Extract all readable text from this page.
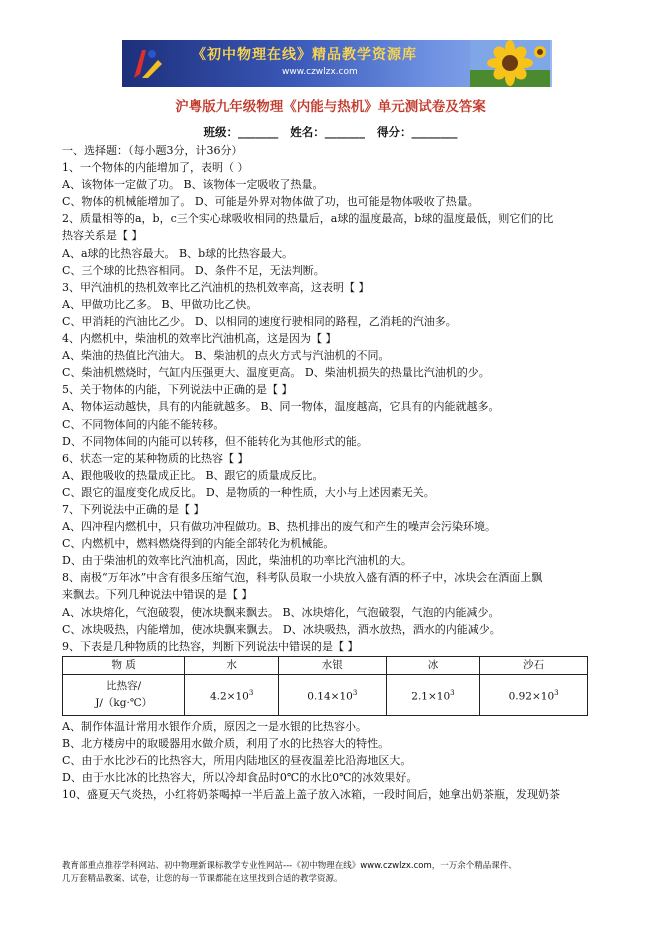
《初中物理在线》精品教学资源库
www.czwlzx.com
沪粤版九年级物理《内能与热机》单元测试卷及答案
班级：_______   姓名：_______   得分：________
一、选择题：（每小题3分，计36分）
1、一个物体的内能增加了，表明（ ）
A、该物体一定做了功。 B、该物体一定吸收了热量。
C、物体的机械能增加了。 D、可能是外界对物体做了功，也可能是物体吸收了热量。
2、质量相等的a，b，c三个实心球吸收相同的热量后，a球的温度最高，b球的温度最低，则它们的比
热容关系是【 】
A、a球的比热容最大。 B、b球的比热容最大。
C、三个球的比热容相同。 D、条件不足，无法判断。
3、甲汽油机的热机效率比乙汽油机的热机效率高，这表明【 】
A、甲做功比乙多。 B、甲做功比乙快。
C、甲消耗的汽油比乙少。 D、以相同的速度行驶相同的路程，乙消耗的汽油多。
4、内燃机中，柴油机的效率比汽油机高，这是因为【 】
A、柴油的热值比汽油大。 B、柴油机的点火方式与汽油机的不同。
C、柴油机燃烧时，气缸内压强更大、温度更高。 D、柴油机损失的热量比汽油机的少。
5、关于物体的内能，下列说法中正确的是【 】
A、物体运动越快，具有的内能就越多。 B、同一物体，温度越高，它具有的内能就越多。
C、不同物体间的内能不能转移。
D、不同物体间的内能可以转移，但不能转化为其他形式的能。
6、状态一定的某种物质的比热容【 】
A、跟他吸收的热量成正比。 B、跟它的质量成反比。
C、跟它的温度变化成反比。 D、是物质的一种性质，大小与上述因素无关。
7、下列说法中正确的是【 】
A、四冲程内燃机中，只有做功冲程做功。B、热机排出的废气和产生的噪声会污染环境。
C、内燃机中，燃料燃烧得到的内能全部转化为机械能。
D、由于柴油机的效率比汽油机高，因此，柴油机的功率比汽油机的大。
8、南极“万年冰”中含有很多压缩气泡，科考队员取一小块放入盛有酒的杯子中，冰块会在酒面上飘
来飘去。下列几种说法中错误的是【 】
A、冰块熔化，气泡破裂，使冰块飘来飘去。 B、冰块熔化，气泡破裂，气泡的内能减少。
C、冰块吸热，内能增加，使冰块飘来飘去。 D、冰块吸热，酒水放热，酒水的内能减少。
9、下表是几种物质的比热容，判断下列说法中错误的是【 】
物 质	水	水银	冰	沙石

比热容/
J/（kg·℃）	$4.2\times 10^3$	$0.14\times 10^3$	$2.1\times 10^3$	$0.92\times 10^3$
A、制作体温计常用水银作介质，原因之一是水银的比热容小。
B、北方楼房中的取暖器用水做介质，利用了水的比热容大的特性。
C、由于水比沙石的比热容大，所用内陆地区的昼夜温差比沿海地区大。
D、由于水比冰的比热容大，所以冷却食品时0℃的水比0℃的冰效果好。
10、盛夏天气炎热，小红将奶茶喝掉一半后盖上盖子放入冰箱，一段时间后，她拿出奶茶瓶，发现奶茶
教育部重点推荐学科网站、初中物理新课标教学专业性网站---《初中物理在线》www.czwlzx.com，一万余个精品课件、
几万套精品教案、试卷，让您的每一节课都能在这里找到合适的教学资源。
